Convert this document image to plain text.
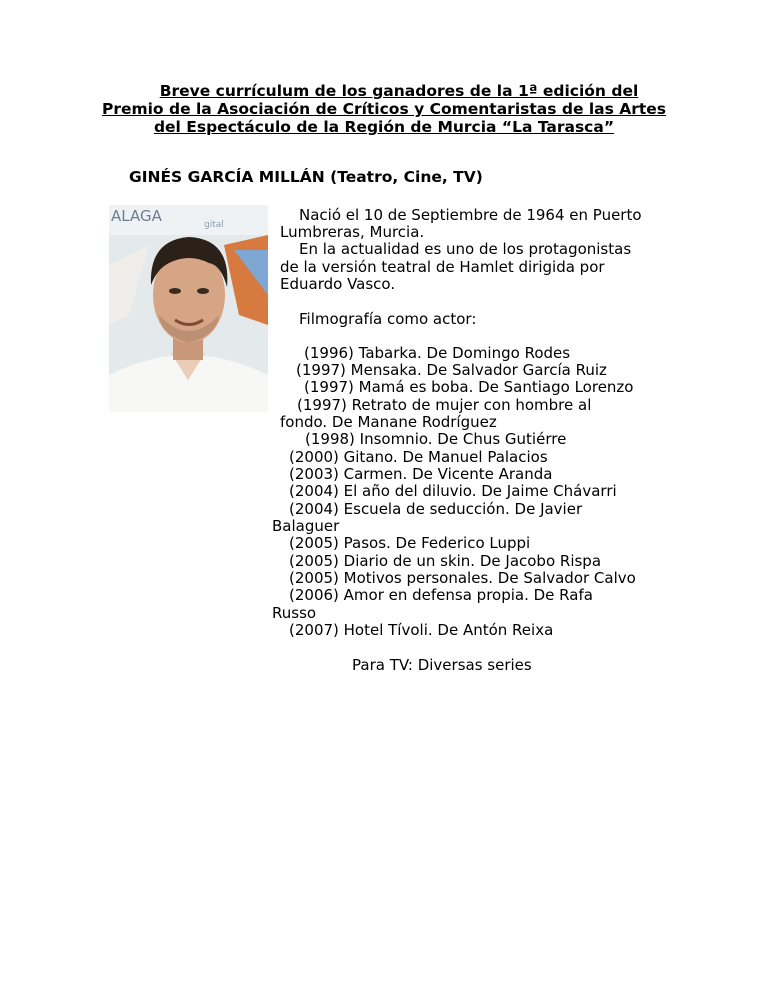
Breve currículum de los ganadores de la 1ª edición del
Premio de la Asociación de Críticos y Comentaristas de las Artes
del Espectáculo de la Región de Murcia “La Tarasca”
GINÉS GARCÍA MILLÁN (Teatro, Cine, TV)
ALAGA	gital
Nació el 10 de Septiembre de 1964 en Puerto
Lumbreras, Murcia.
En la actualidad es uno de los protagonistas
de la versión teatral de Hamlet dirigida por
Eduardo Vasco.
Filmografía como actor:
(1996) Tabarka. De Domingo Rodes
(1997) Mensaka. De Salvador García Ruiz
(1997) Mamá es boba. De Santiago Lorenzo
(1997) Retrato de mujer con hombre al
fondo. De Manane Rodríguez
(1998) Insomnio. De Chus Gutiérre
(2000) Gitano. De Manuel Palacios
(2003) Carmen. De Vicente Aranda
(2004) El año del diluvio. De Jaime Chávarri
(2004) Escuela de seducción. De Javier
Balaguer
(2005) Pasos. De Federico Luppi
(2005) Diario de un skin. De Jacobo Rispa
(2005) Motivos personales. De Salvador Calvo
(2006) Amor en defensa propia. De Rafa
Russo
(2007) Hotel Tívoli. De Antón Reixa
Para TV: Diversas series
